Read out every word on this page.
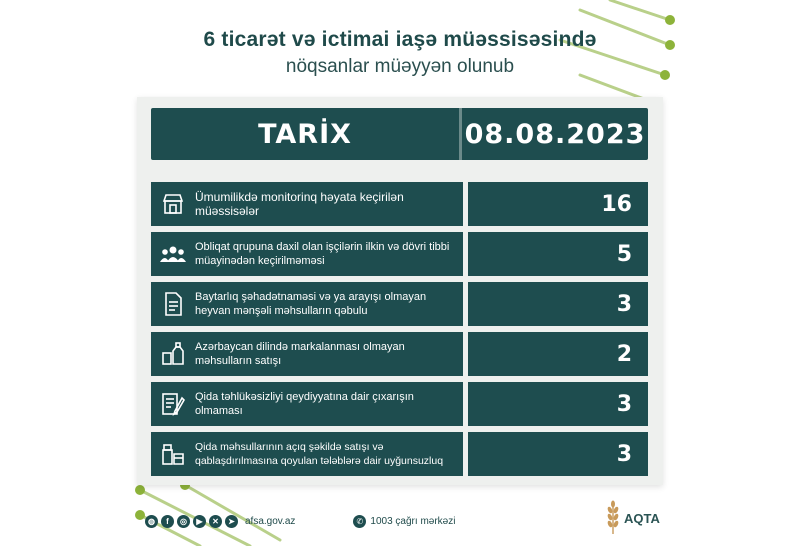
6 ticarət və ictimai iaşə müəssisəsində
nöqsanlar müəyyən olunub
TARİX	08.08.2023
Ümumilikdə monitorinq həyata keçirilən müəssisələr	16
Obliqat qrupuna daxil olan işçilərin ilkin və dövri tibbi müayinədən keçirilməməsi	5
Baytarlıq şəhadətnaməsi və ya arayışı olmayan heyvan mənşəli məhsulların qəbulu	3
Azərbaycan dilində markalanması olmayan məhsulların satışı	2
Qida təhlükəsizliyi qeydiyyatına dair çıxarışın olmaması	3
Qida məhsullarının açıq şəkildə satışı və qablaşdırılmasına qoyulan tələblərə dair uyğunsuzluq	3
◍	f	◎	▶	✕	➤	afsa.gov.az	✆ 1003 çağrı mərkəzi	AQTA
